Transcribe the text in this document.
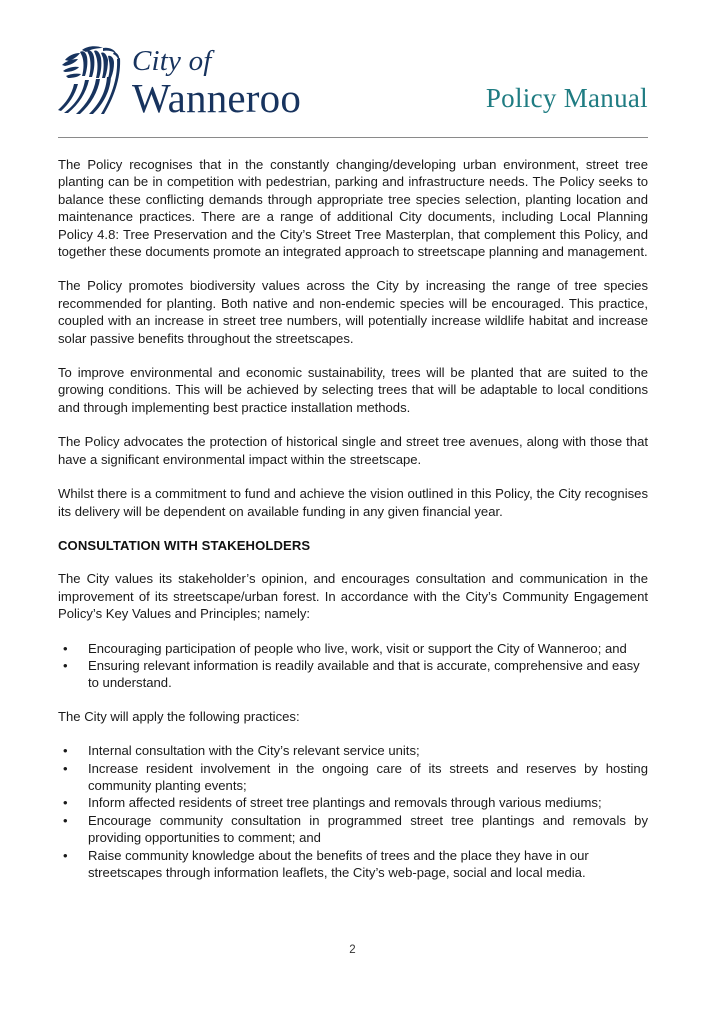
City of
Wanneroo	Policy Manual

The Policy recognises that in the constantly changing/developing urban environment, street tree planting can be in competition with pedestrian, parking and infrastructure needs. The Policy seeks to balance these conflicting demands through appropriate tree species selection, planting location and maintenance practices. There are a range of additional City documents, including Local Planning Policy 4.8: Tree Preservation and the City’s Street Tree Masterplan, that complement this Policy, and together these documents promote an integrated approach to streetscape planning and management.

The Policy promotes biodiversity values across the City by increasing the range of tree species recommended for planting. Both native and non-endemic species will be encouraged. This practice, coupled with an increase in street tree numbers, will potentially increase wildlife habitat and increase solar passive benefits throughout the streetscapes.

To improve environmental and economic sustainability, trees will be planted that are suited to the growing conditions. This will be achieved by selecting trees that will be adaptable to local conditions and through implementing best practice installation methods.

The Policy advocates the protection of historical single and street tree avenues, along with those that have a significant environmental impact within the streetscape.

Whilst there is a commitment to fund and achieve the vision outlined in this Policy, the City recognises its delivery will be dependent on available funding in any given financial year.

CONSULTATION WITH STAKEHOLDERS

The City values its stakeholder’s opinion, and encourages consultation and communication in the improvement of its streetscape/urban forest. In accordance with the City’s Community Engagement Policy’s Key Values and Principles; namely:

• Encouraging participation of people who live, work, visit or support the City of Wanneroo; and
• Ensuring relevant information is readily available and that is accurate, comprehensive and easy to understand.

The City will apply the following practices:

• Internal consultation with the City’s relevant service units;
• Increase resident involvement in the ongoing care of its streets and reserves by hosting community planting events;
• Inform affected residents of street tree plantings and removals through various mediums;
• Encourage community consultation in programmed street tree plantings and removals by providing opportunities to comment; and
• Raise community knowledge about the benefits of trees and the place they have in our streetscapes through information leaflets, the City’s web-page, social and local media.
2
